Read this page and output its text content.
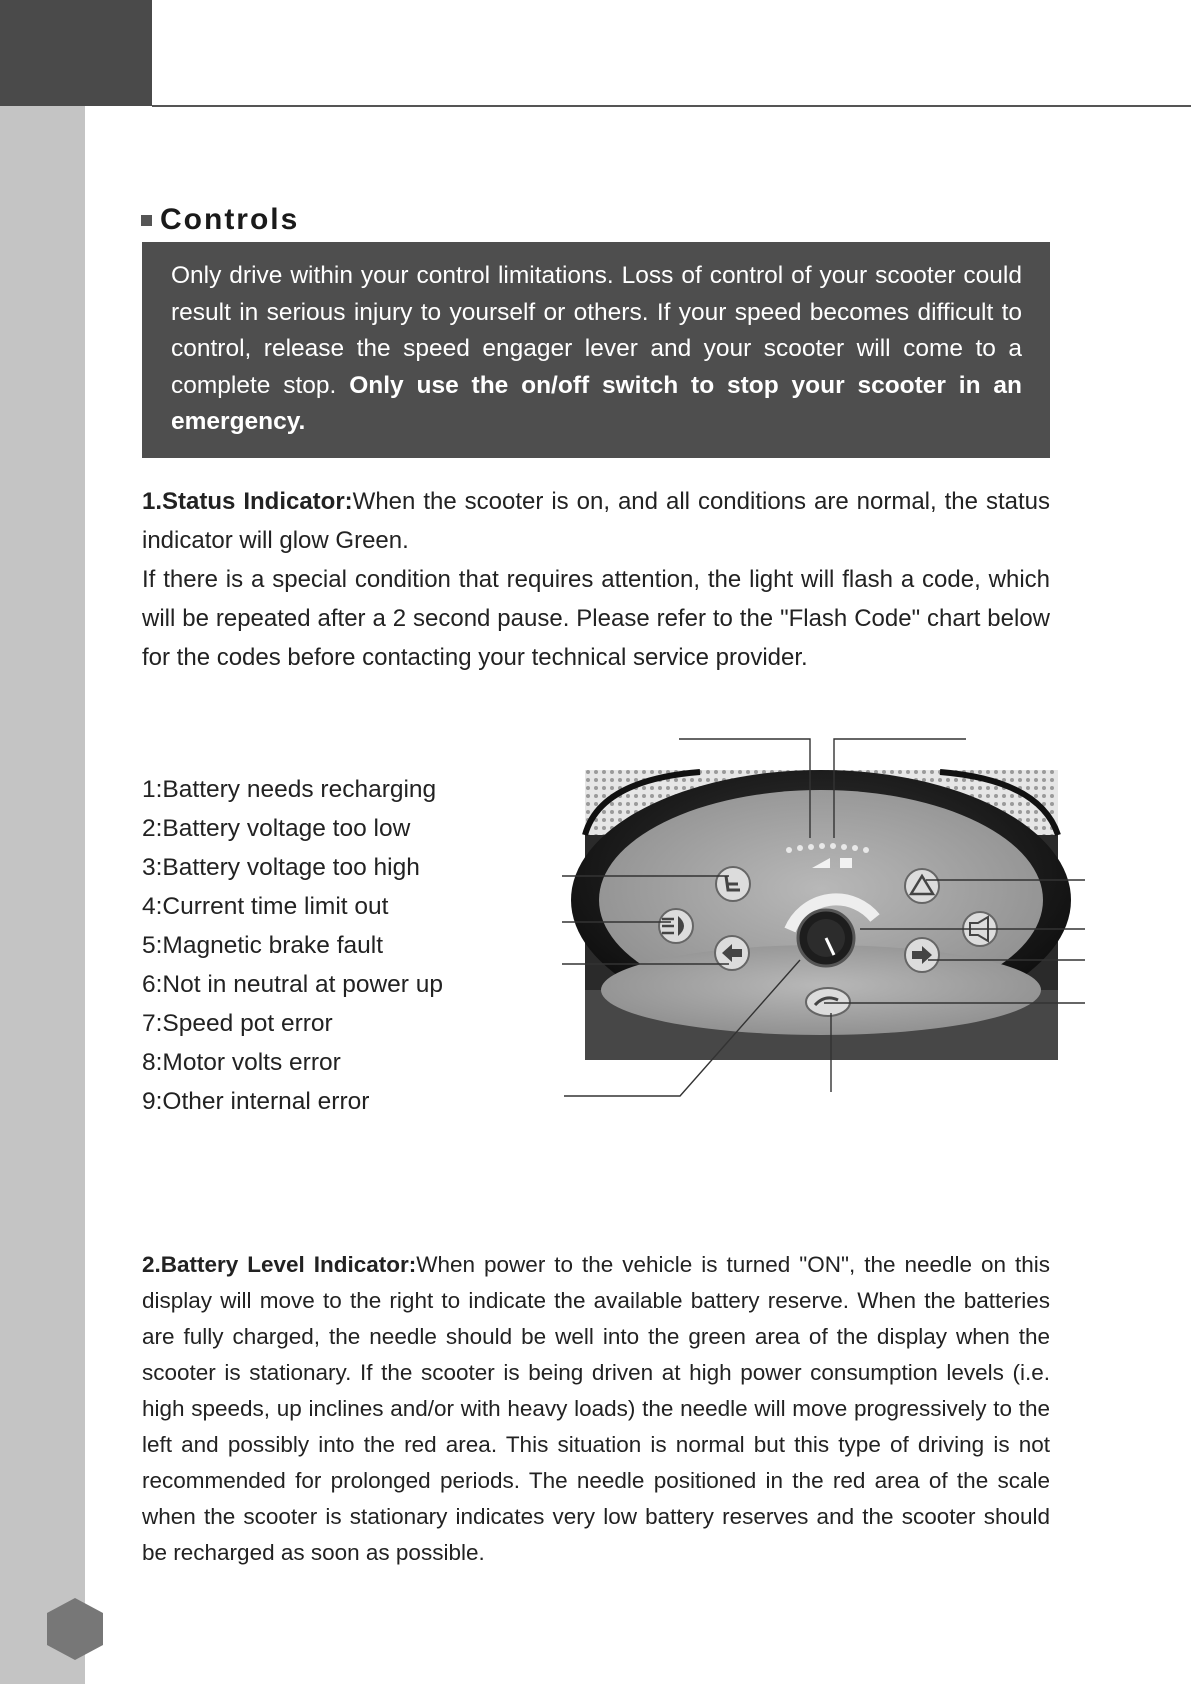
Controls
Only drive within your control limitations. Loss of control of your scooter could result in serious injury to yourself or others. If your speed becomes difficult to control, release the speed engager lever and your scooter will come to a complete stop. Only use the on/off switch to stop your scooter in an emergency.
1.Status Indicator:When the scooter is on, and all conditions are normal, the status indicator will glow Green.
If there is a special condition that requires attention, the light will flash a code, which will be repeated after a 2 second pause. Please refer to the "Flash Code" chart below for the codes before contacting your technical service provider.
1:Battery needs recharging
2:Battery voltage too low
3:Battery voltage too high
4:Current time limit out
5:Magnetic brake fault
6:Not in neutral at power up
7:Speed pot error
8:Motor volts error
9:Other internal error
2.Battery Level Indicator:When power to the vehicle is turned "ON", the needle on this display will move to the right to indicate the available battery reserve. When the batteries are fully charged, the needle should be well into the green area of the display when the scooter is stationary. If the scooter is being driven at high power consumption levels (i.e. high speeds, up inclines and/or with heavy loads) the needle will move progressively to the left and possibly into the red area. This situation is normal but this type of driving is not recommended for prolonged periods. The needle positioned in the red area of the scale when the scooter is stationary indicates very low battery reserves and the scooter should be recharged as soon as possible.
